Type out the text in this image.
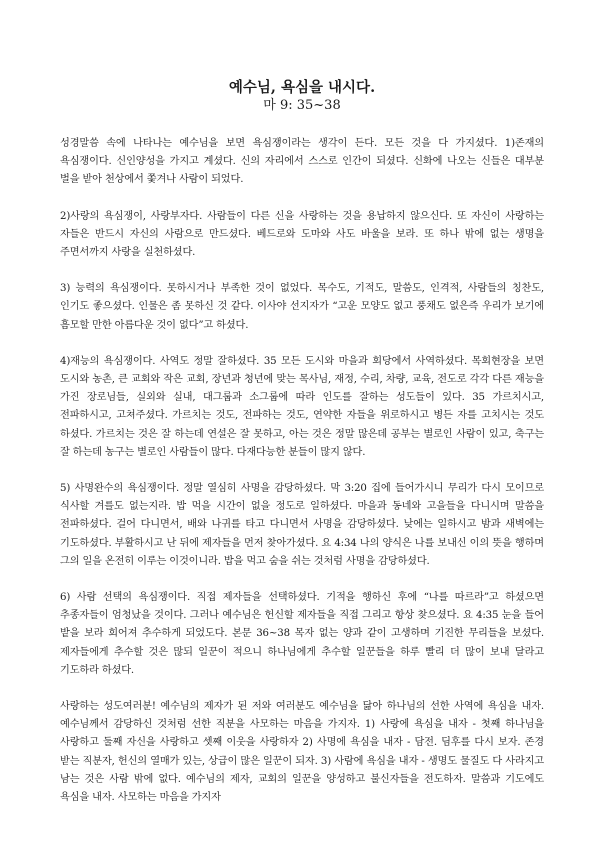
예수님, 욕심을 내시다.
마 9: 35~38

성경말씀 속에 나타나는 예수님을 보면 욕심쟁이라는 생각이 든다. 모든 것을 다 가지셨다. 1)존재의 욕심쟁이다. 신인양성을 가지고 계셨다. 신의 자리에서 스스로 인간이 되셨다. 신화에 나오는 신들은 대부분 벌을 받아 천상에서 쫓겨나 사람이 되었다.

2)사랑의 욕심쟁이, 사랑부자다. 사람들이 다른 신을 사랑하는 것을 용납하지 않으신다. 또 자신이 사랑하는 자들은 반드시 자신의 사람으로 만드셨다. 베드로와 도마와 사도 바울을 보라. 또 하나 밖에 없는 생명을 주면서까지 사랑을 실천하셨다.

3) 능력의 욕심쟁이다. 못하시거나 부족한 것이 없었다. 목수도, 기적도, 말씀도, 인격적, 사람들의 칭찬도, 인기도 좋으셨다. 인물은 좀 못하신 것 같다. 이사야 선지자가 “고운 모양도 없고 풍채도 없은즉 우리가 보기에 흠모할 만한 아름다운 것이 없다”고 하셨다.

4)재능의 욕심쟁이다. 사역도 정말 잘하셨다. 35 모든 도시와 마을과 회당에서 사역하셨다. 목회현장을 보면 도시와 농촌, 큰 교회와 작은 교회, 장년과 청년에 맞는 목사님, 재정, 수리, 차량, 교육, 전도로 각각 다른 재능을 가진 장로님들, 실외와 실내, 대그룹과 소그룹에 따라 인도를 잘하는 성도들이 있다. 35 가르치시고, 전파하시고, 고쳐주셨다. 가르치는 것도, 전파하는 것도, 연약한 자들을 위로하시고 병든 자를 고치시는 것도 하셨다. 가르치는 것은 잘 하는데 연설은 잘 못하고, 아는 것은 정말 많은데 공부는 별로인 사람이 있고, 축구는 잘 하는데 농구는 별로인 사람들이 많다. 다재다능한 분들이 많지 않다.

5) 사명완수의 욕심쟁이다. 정말 열심히 사명을 감당하셨다. 막 3:20 집에 들어가시니 무리가 다시 모이므로 식사할 겨를도 없는지라. 밥 먹을 시간이 없을 정도로 일하셨다. 마을과 동네와 고을들을 다니시며 말씀을 전파하셨다. 걸어 다니면서, 배와 나귀를 타고 다니면서 사명을 감당하셨다. 낮에는 일하시고 밤과 새벽에는 기도하셨다. 부활하시고 난 뒤에 제자들을 먼저 찾아가셨다. 요 4:34 나의 양식은 나를 보내신 이의 뜻을 행하며 그의 일을 온전히 이루는 이것이니라. 밥을 먹고 숨을 쉬는 것처럼 사명을 감당하셨다.

6) 사람 선택의 욕심쟁이다. 직접 제자들을 선택하셨다. 기적을 행하신 후에 “나를 따르라”고 하셨으면 추종자들이 엄청났을 것이다. 그러나 예수님은 헌신할 제자들을 직접 그리고 항상 찾으셨다. 요 4:35 눈을 들어 밭을 보라 희어져 추수하게 되었도다. 본문 36~38 목자 없는 양과 같이 고생하며 기진한 무리들을 보셨다. 제자들에게 추수할 것은 많되 일꾼이 적으니 하나님에게 추수할 일꾼들을 하루 빨리 더 많이 보내 달라고 기도하라 하셨다.

사랑하는 성도여러분! 예수님의 제자가 된 저와 여러분도 예수님을 닮아 하나님의 선한 사역에 욕심을 내자. 예수님께서 감당하신 것처럼 선한 직분을 사모하는 마음을 가지자. 1) 사랑에 욕심을 내자 - 첫째 하나님을 사랑하고 둘째 자신을 사랑하고 셋째 이웃을 사랑하자 2) 사명에 욕심을 내자 - 담전. 딤후를 다시 보자. 존경 받는 직분자, 헌신의 열매가 있는, 상급이 많은 일꾼이 되자. 3) 사람에 욕심을 내자 - 생명도 물질도 다 사라지고 남는 것은 사람 밖에 없다. 예수님의 제자, 교회의 일꾼을 양성하고 불신자들을 전도하자. 말씀과 기도에도 욕심을 내자. 사모하는 마음을 가지자
